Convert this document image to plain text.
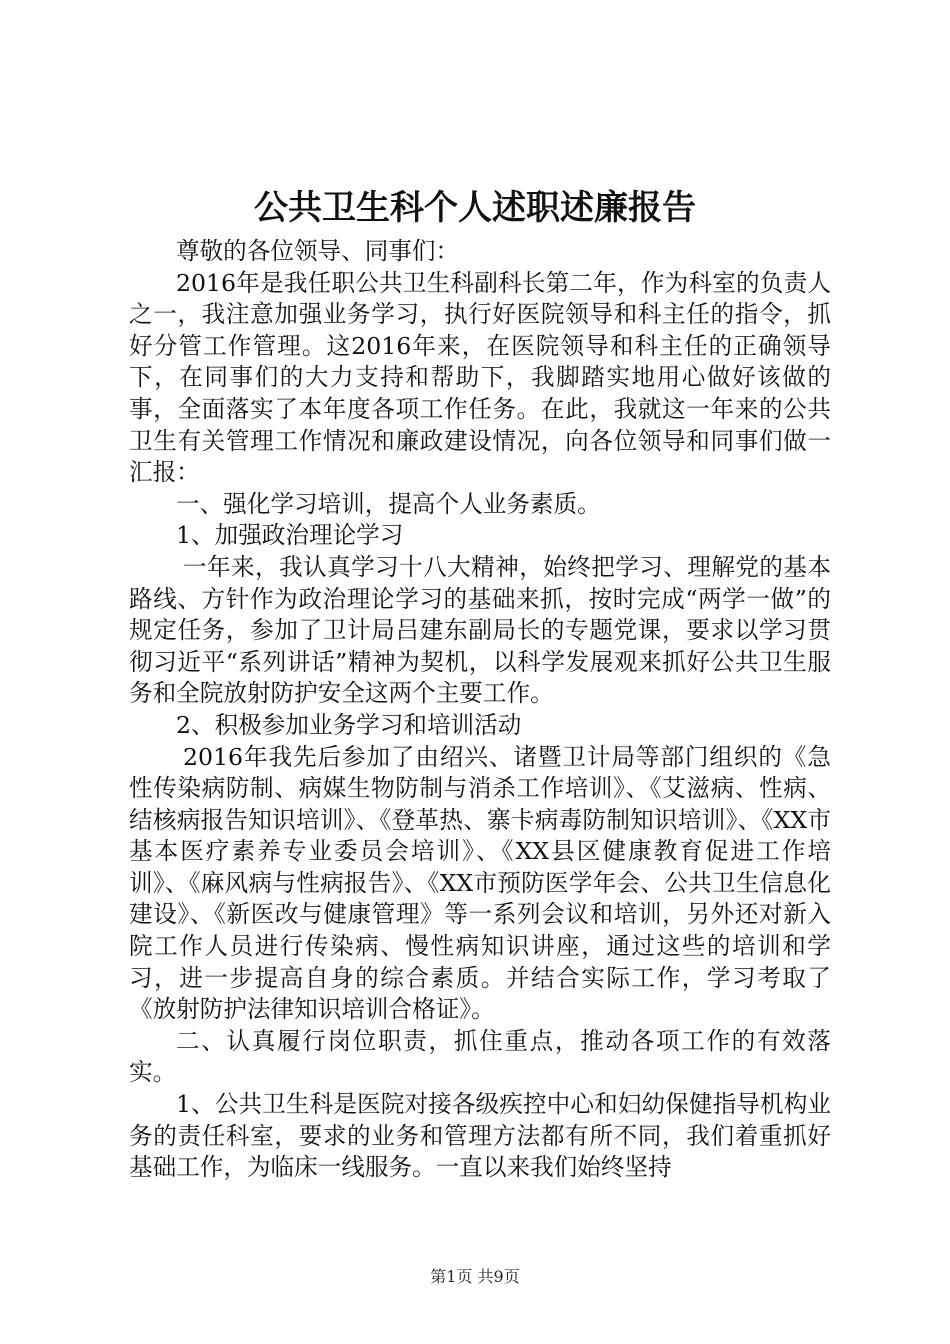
公共卫生科个人述职述廉报告

尊敬的各位领导、同事们：

2016年是我任职公共卫生科副科长第二年，作为科室的负责人之一，我注意加强业务学习，执行好医院领导和科主任的指令，抓好分管工作管理。这2016年来，在医院领导和科主任的正确领导下，在同事们的大力支持和帮助下，我脚踏实地用心做好该做的事，全面落实了本年度各项工作任务。在此，我就这一年来的公共卫生有关管理工作情况和廉政建设情况，向各位领导和同事们做一汇报：

一、强化学习培训，提高个人业务素质。

1、加强政治理论学习

一年来，我认真学习十八大精神，始终把学习、理解党的基本路线、方针作为政治理论学习的基础来抓，按时完成“两学一做”的规定任务，参加了卫计局吕建东副局长的专题党课，要求以学习贯彻习近平“系列讲话”精神为契机，以科学发展观来抓好公共卫生服务和全院放射防护安全这两个主要工作。

2、积极参加业务学习和培训活动

2016年我先后参加了由绍兴、诸暨卫计局等部门组织的《急性传染病防制、病媒生物防制与消杀工作培训》、《艾滋病、性病、结核病报告知识培训》、《登革热、寨卡病毒防制知识培训》、《XX市基本医疗素养专业委员会培训》、《XX县区健康教育促进工作培训》、《麻风病与性病报告》、《XX市预防医学年会、公共卫生信息化建设》、《新医改与健康管理》等一系列会议和培训，另外还对新入院工作人员进行传染病、慢性病知识讲座，通过这些的培训和学习，进一步提高自身的综合素质。并结合实际工作，学习考取了《放射防护法律知识培训合格证》。

二、认真履行岗位职责，抓住重点，推动各项工作的有效落实。

1、公共卫生科是医院对接各级疾控中心和妇幼保健指导机构业务的责任科室，要求的业务和管理方法都有所不同，我们着重抓好基础工作，为临床一线服务。一直以来我们始终坚持

第1页 共9页
